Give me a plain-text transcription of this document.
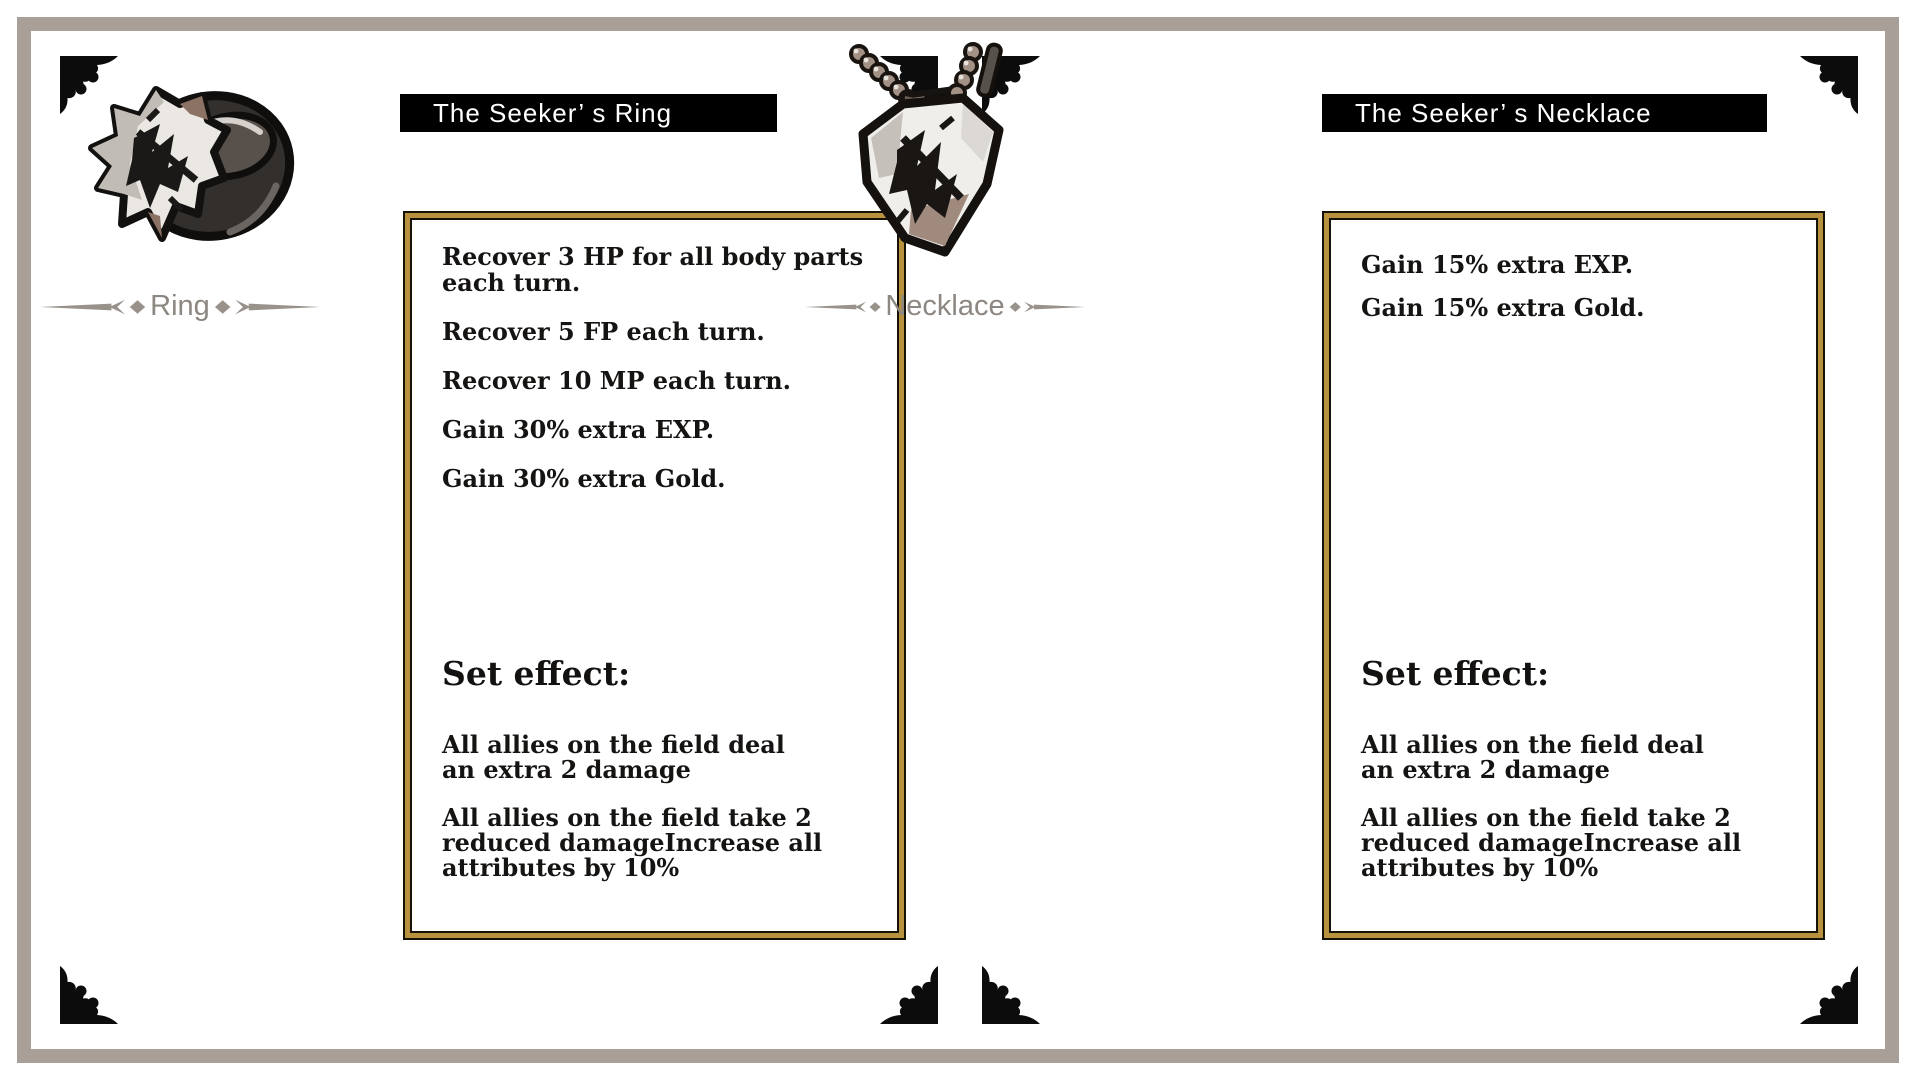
Ring
The Seeker’ s Ring

Recover 3 HP for all body parts
each turn.

Recover 5 FP each turn.

Recover 10 MP each turn.

Gain 30% extra EXP.

Gain 30% extra Gold.

Set effect:

All allies on the field deal
an extra 2 damage

All allies on the field take 2
reduced damageIncrease all
attributes by 10%

Necklace
The Seeker’ s Necklace

Gain 15% extra EXP.

Gain 15% extra Gold.

Set effect:

All allies on the field deal
an extra 2 damage

All allies on the field take 2
reduced damageIncrease all
attributes by 10%
